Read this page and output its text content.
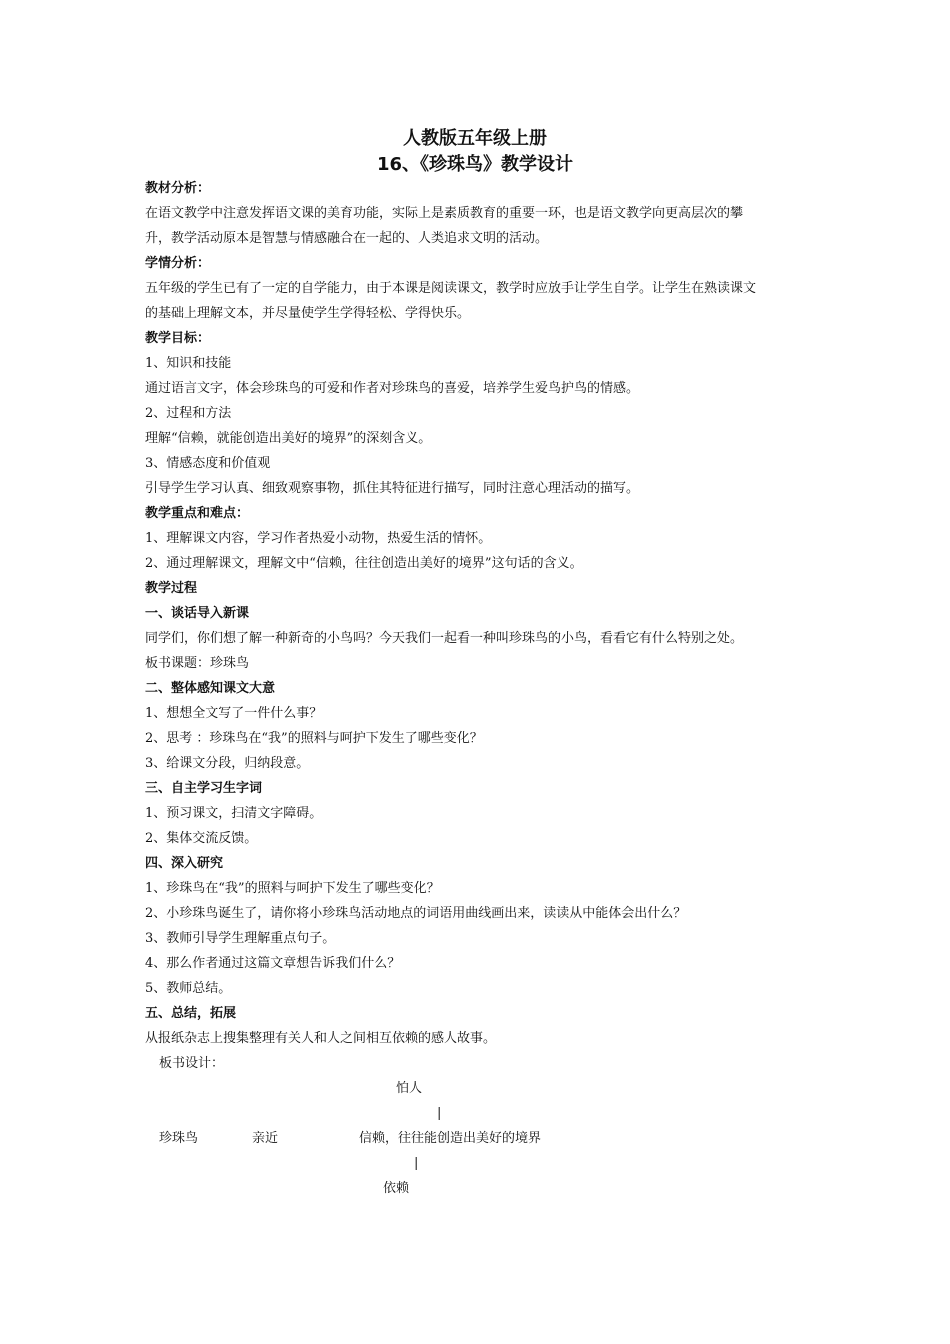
人教版五年级上册
16、《珍珠鸟》教学设计
教材分析：
在语文教学中注意发挥语文课的美育功能，实际上是素质教育的重要一环，也是语文教学向更高层次的攀
升，教学活动原本是智慧与情感融合在一起的、人类追求文明的活动。
学情分析：
五年级的学生已有了一定的自学能力，由于本课是阅读课文，教学时应放手让学生自学。让学生在熟读课文
的基础上理解文本，并尽量使学生学得轻松、学得快乐。
教学目标：
1、知识和技能
通过语言文字，体会珍珠鸟的可爱和作者对珍珠鸟的喜爱，培养学生爱鸟护鸟的情感。
2、过程和方法
理解“信赖，就能创造出美好的境界”的深刻含义。
3、情感态度和价值观
引导学生学习认真、细致观察事物，抓住其特征进行描写，同时注意心理活动的描写。
教学重点和难点：
1、理解课文内容，学习作者热爱小动物，热爱生活的情怀。
2、通过理解课文，理解文中“信赖，往往创造出美好的境界”这句话的含义。
教学过程
一、谈话导入新课
同学们，你们想了解一种新奇的小鸟吗？今天我们一起看一种叫珍珠鸟的小鸟，看看它有什么特别之处。
板书课题：珍珠鸟
二、整体感知课文大意
1、想想全文写了一件什么事？
2、思考 ：珍珠鸟在“我”的照料与呵护下发生了哪些变化？
3、给课文分段，归纳段意。
三、自主学习生字词
1、预习课文，扫清文字障碍。
2、集体交流反馈。
四、深入研究
1、珍珠鸟在“我”的照料与呵护下发生了哪些变化？
2、小珍珠鸟诞生了，请你将小珍珠鸟活动地点的词语用曲线画出来，读读从中能体会出什么？
3、教师引导学生理解重点句子。
4、那么作者通过这篇文章想告诉我们什么？
5、教师总结。
五、总结，拓展
从报纸杂志上搜集整理有关人和人之间相互依赖的感人故事。
板书设计：
怕人
|
珍珠鸟	亲近	信赖，往往能创造出美好的境界
|
依赖
